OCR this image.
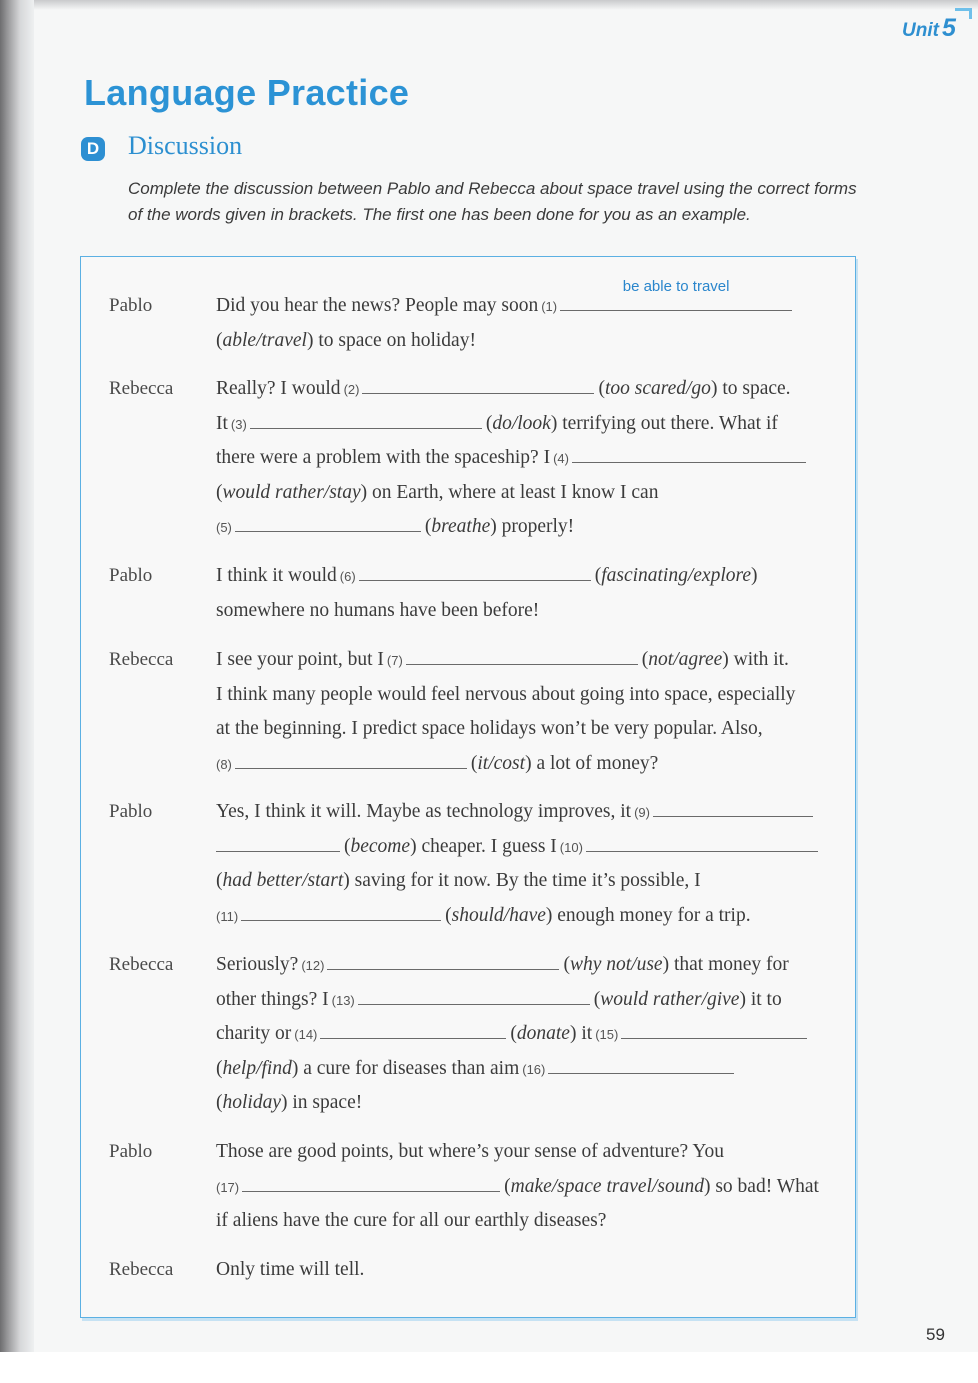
Unit 5
Language Practice
D Discussion

Complete the discussion between Pablo and Rebecca about space travel using the correct forms of the words given in brackets. The first one has been done for you as an example.

Pablo	Did you hear the news? People may soon (1)
be able to travel
(able/travel) to space on holiday!
Rebecca Really? I would (2)	(too scared/go) to space.
It (3)	(do/look) terrifying out there. What if
there were a problem with the spaceship? I (4)
(would rather/stay) on Earth, where at least I know I can
(5)	(breathe) properly!
Pablo	I think it would (6)	(fascinating/explore)
somewhere no humans have been before!
Rebecca I see your point, but I (7)	(not/agree) with it.
I think many people would feel nervous about going into space, especially
at the beginning. I predict space holidays won’t be very popular. Also,
(8)	(it/cost) a lot of money?
Pablo	Yes, I think it will. Maybe as technology improves, it (9)
(become) cheaper. I guess I (10)
(had better/start) saving for it now. By the time it’s possible, I
(11)	(should/have) enough money for a trip.
Rebecca Seriously? (12)	(why not/use) that money for
other things? I (13)	(would rather/give) it to
charity or (14)	(donate) it (15)
(help/find) a cure for diseases than aim (16)
(holiday) in space!
Pablo	Those are good points, but where’s your sense of adventure? You
(17)	(make/space travel/sound) so bad! What
if aliens have the cure for all our earthly diseases?
Rebecca Only time will tell.
59
